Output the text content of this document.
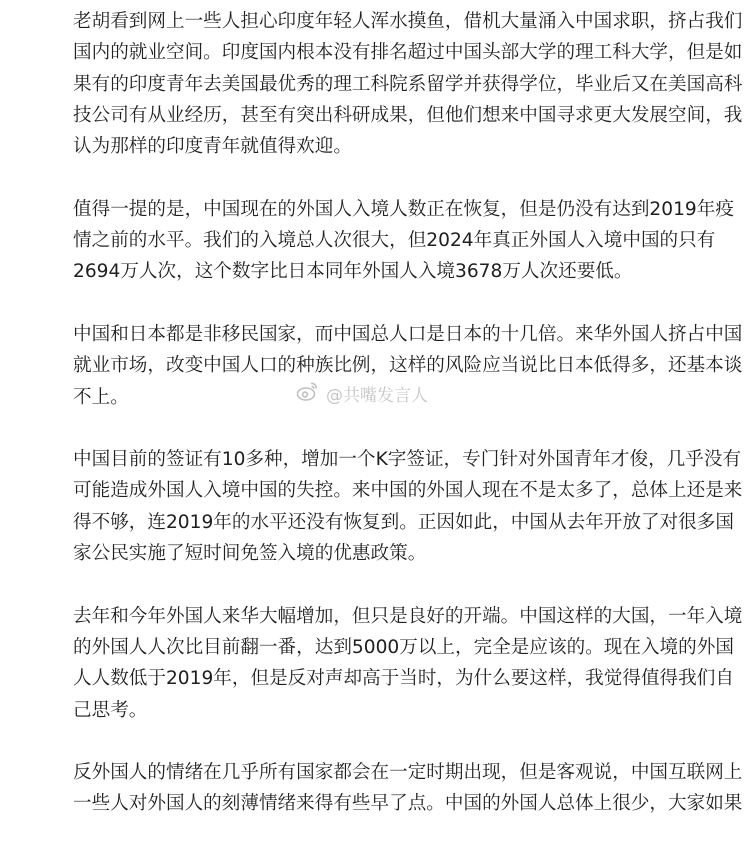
老胡看到网上一些人担心印度年轻人浑水摸鱼，借机大量涌入中国求职，挤占我们
国内的就业空间。印度国内根本没有排名超过中国头部大学的理工科大学，但是如
果有的印度青年去美国最优秀的理工科院系留学并获得学位，毕业后又在美国高科
技公司有从业经历，甚至有突出科研成果，但他们想来中国寻求更大发展空间，我
认为那样的印度青年就值得欢迎。

值得一提的是，中国现在的外国人入境人数正在恢复，但是仍没有达到2019年疫
情之前的水平。我们的入境总人次很大，但2024年真正外国人入境中国的只有
2694万人次，这个数字比日本同年外国人入境3678万人次还要低。

中国和日本都是非移民国家，而中国总人口是日本的十几倍。来华外国人挤占中国
就业市场，改变中国人口的种族比例，这样的风险应当说比日本低得多，还基本谈
不上。

中国目前的签证有10多种，增加一个K字签证，专门针对外国青年才俊，几乎没有
可能造成外国人入境中国的失控。来中国的外国人现在不是太多了，总体上还是来
得不够，连2019年的水平还没有恢复到。正因如此，中国从去年开放了对很多国
家公民实施了短时间免签入境的优惠政策。

去年和今年外国人来华大幅增加，但只是良好的开端。中国这样的大国，一年入境
的外国人人次比目前翻一番，达到5000万以上，完全是应该的。现在入境的外国
人人数低于2019年，但是反对声却高于当时，为什么要这样，我觉得值得我们自
己思考。

反外国人的情绪在几乎所有国家都会在一定时期出现，但是客观说，中国互联网上
一些人对外国人的刻薄情绪来得有些早了点。中国的外国人总体上很少，大家如果

@共嘴发言人
